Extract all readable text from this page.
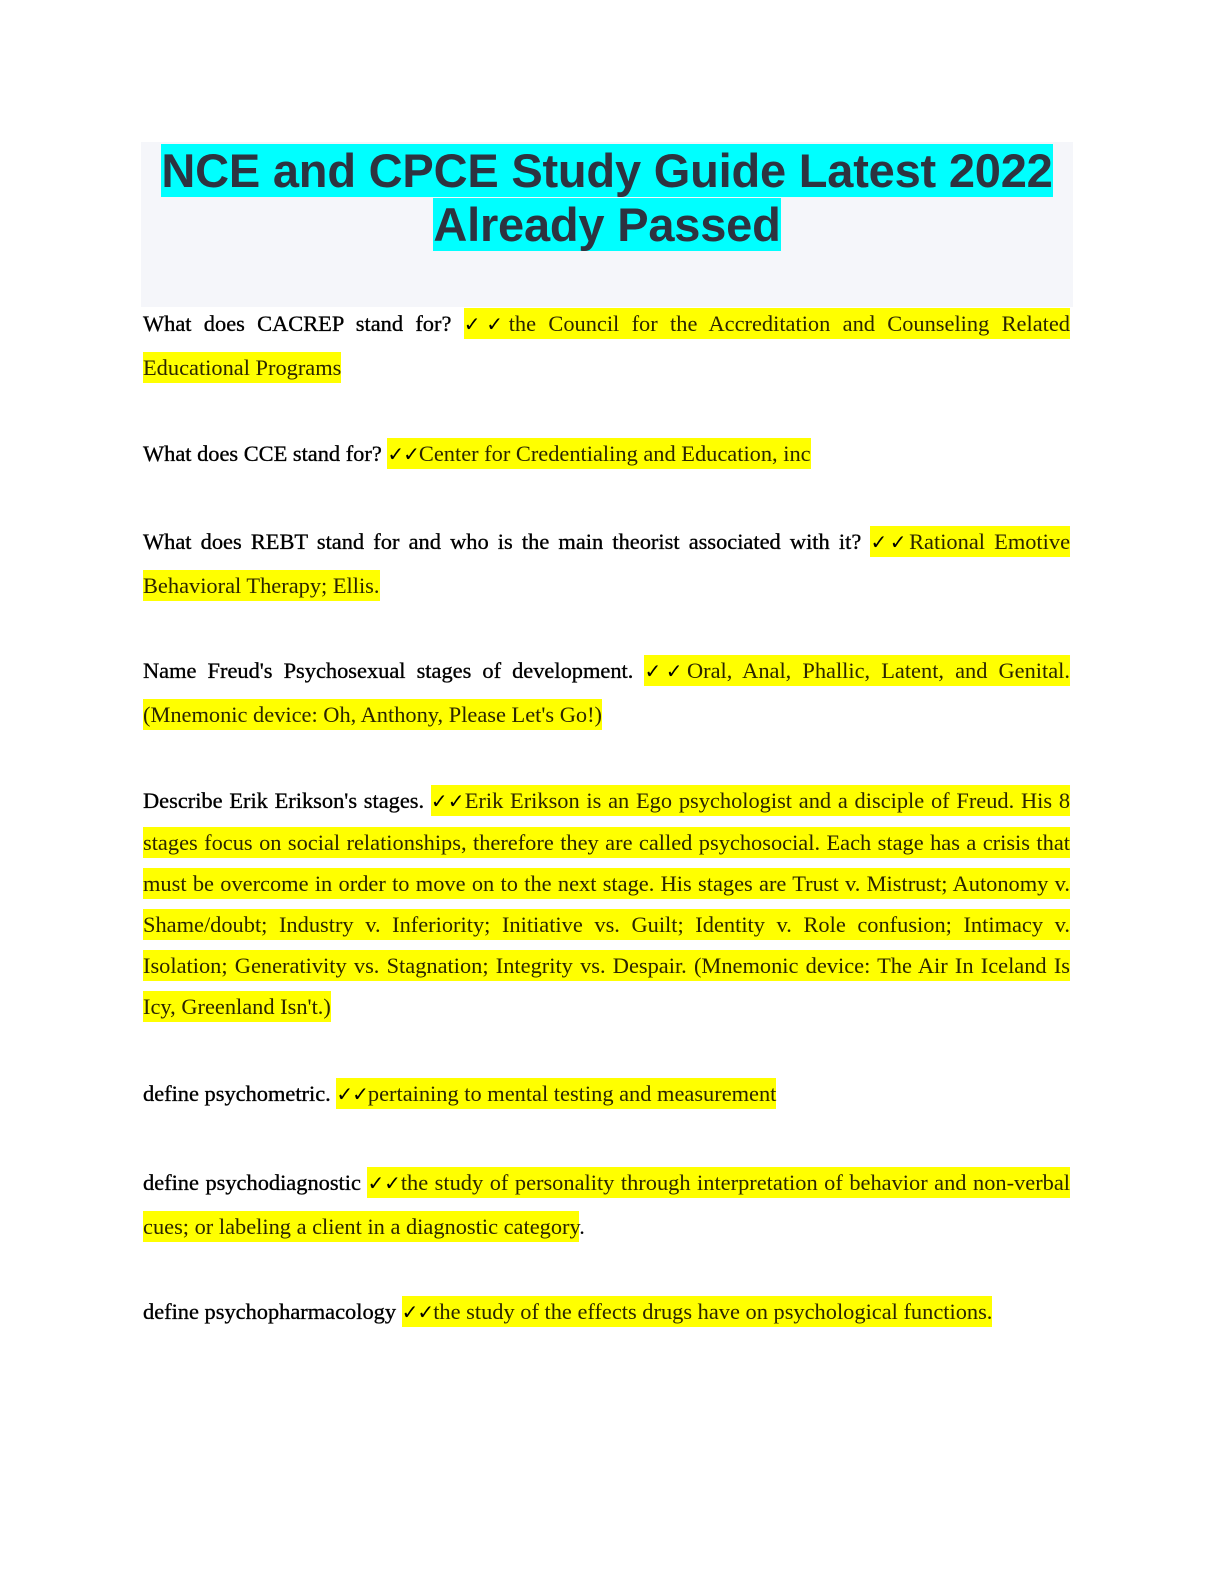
NCE and CPCE Study Guide Latest 2022
Already Passed

What does CACREP stand for? ✓✓the Council for the Accreditation and Counseling Related Educational Programs

What does CCE stand for? ✓✓Center for Credentialing and Education, inc

What does REBT stand for and who is the main theorist associated with it? ✓✓Rational Emotive Behavioral Therapy; Ellis.

Name Freud's Psychosexual stages of development. ✓✓Oral, Anal, Phallic, Latent, and Genital. (Mnemonic device: Oh, Anthony, Please Let's Go!)

Describe Erik Erikson's stages. ✓✓Erik Erikson is an Ego psychologist and a disciple of Freud. His 8 stages focus on social relationships, therefore they are called psychosocial. Each stage has a crisis that must be overcome in order to move on to the next stage. His stages are Trust v. Mistrust; Autonomy v. Shame/doubt; Industry v. Inferiority; Initiative vs. Guilt; Identity v. Role confusion; Intimacy v. Isolation; Generativity vs. Stagnation; Integrity vs. Despair. (Mnemonic device: The Air In Iceland Is Icy, Greenland Isn't.)

define psychometric. ✓✓pertaining to mental testing and measurement

define psychodiagnostic ✓✓the study of personality through interpretation of behavior and non-verbal cues; or labeling a client in a diagnostic category.

define psychopharmacology ✓✓the study of the effects drugs have on psychological functions.
